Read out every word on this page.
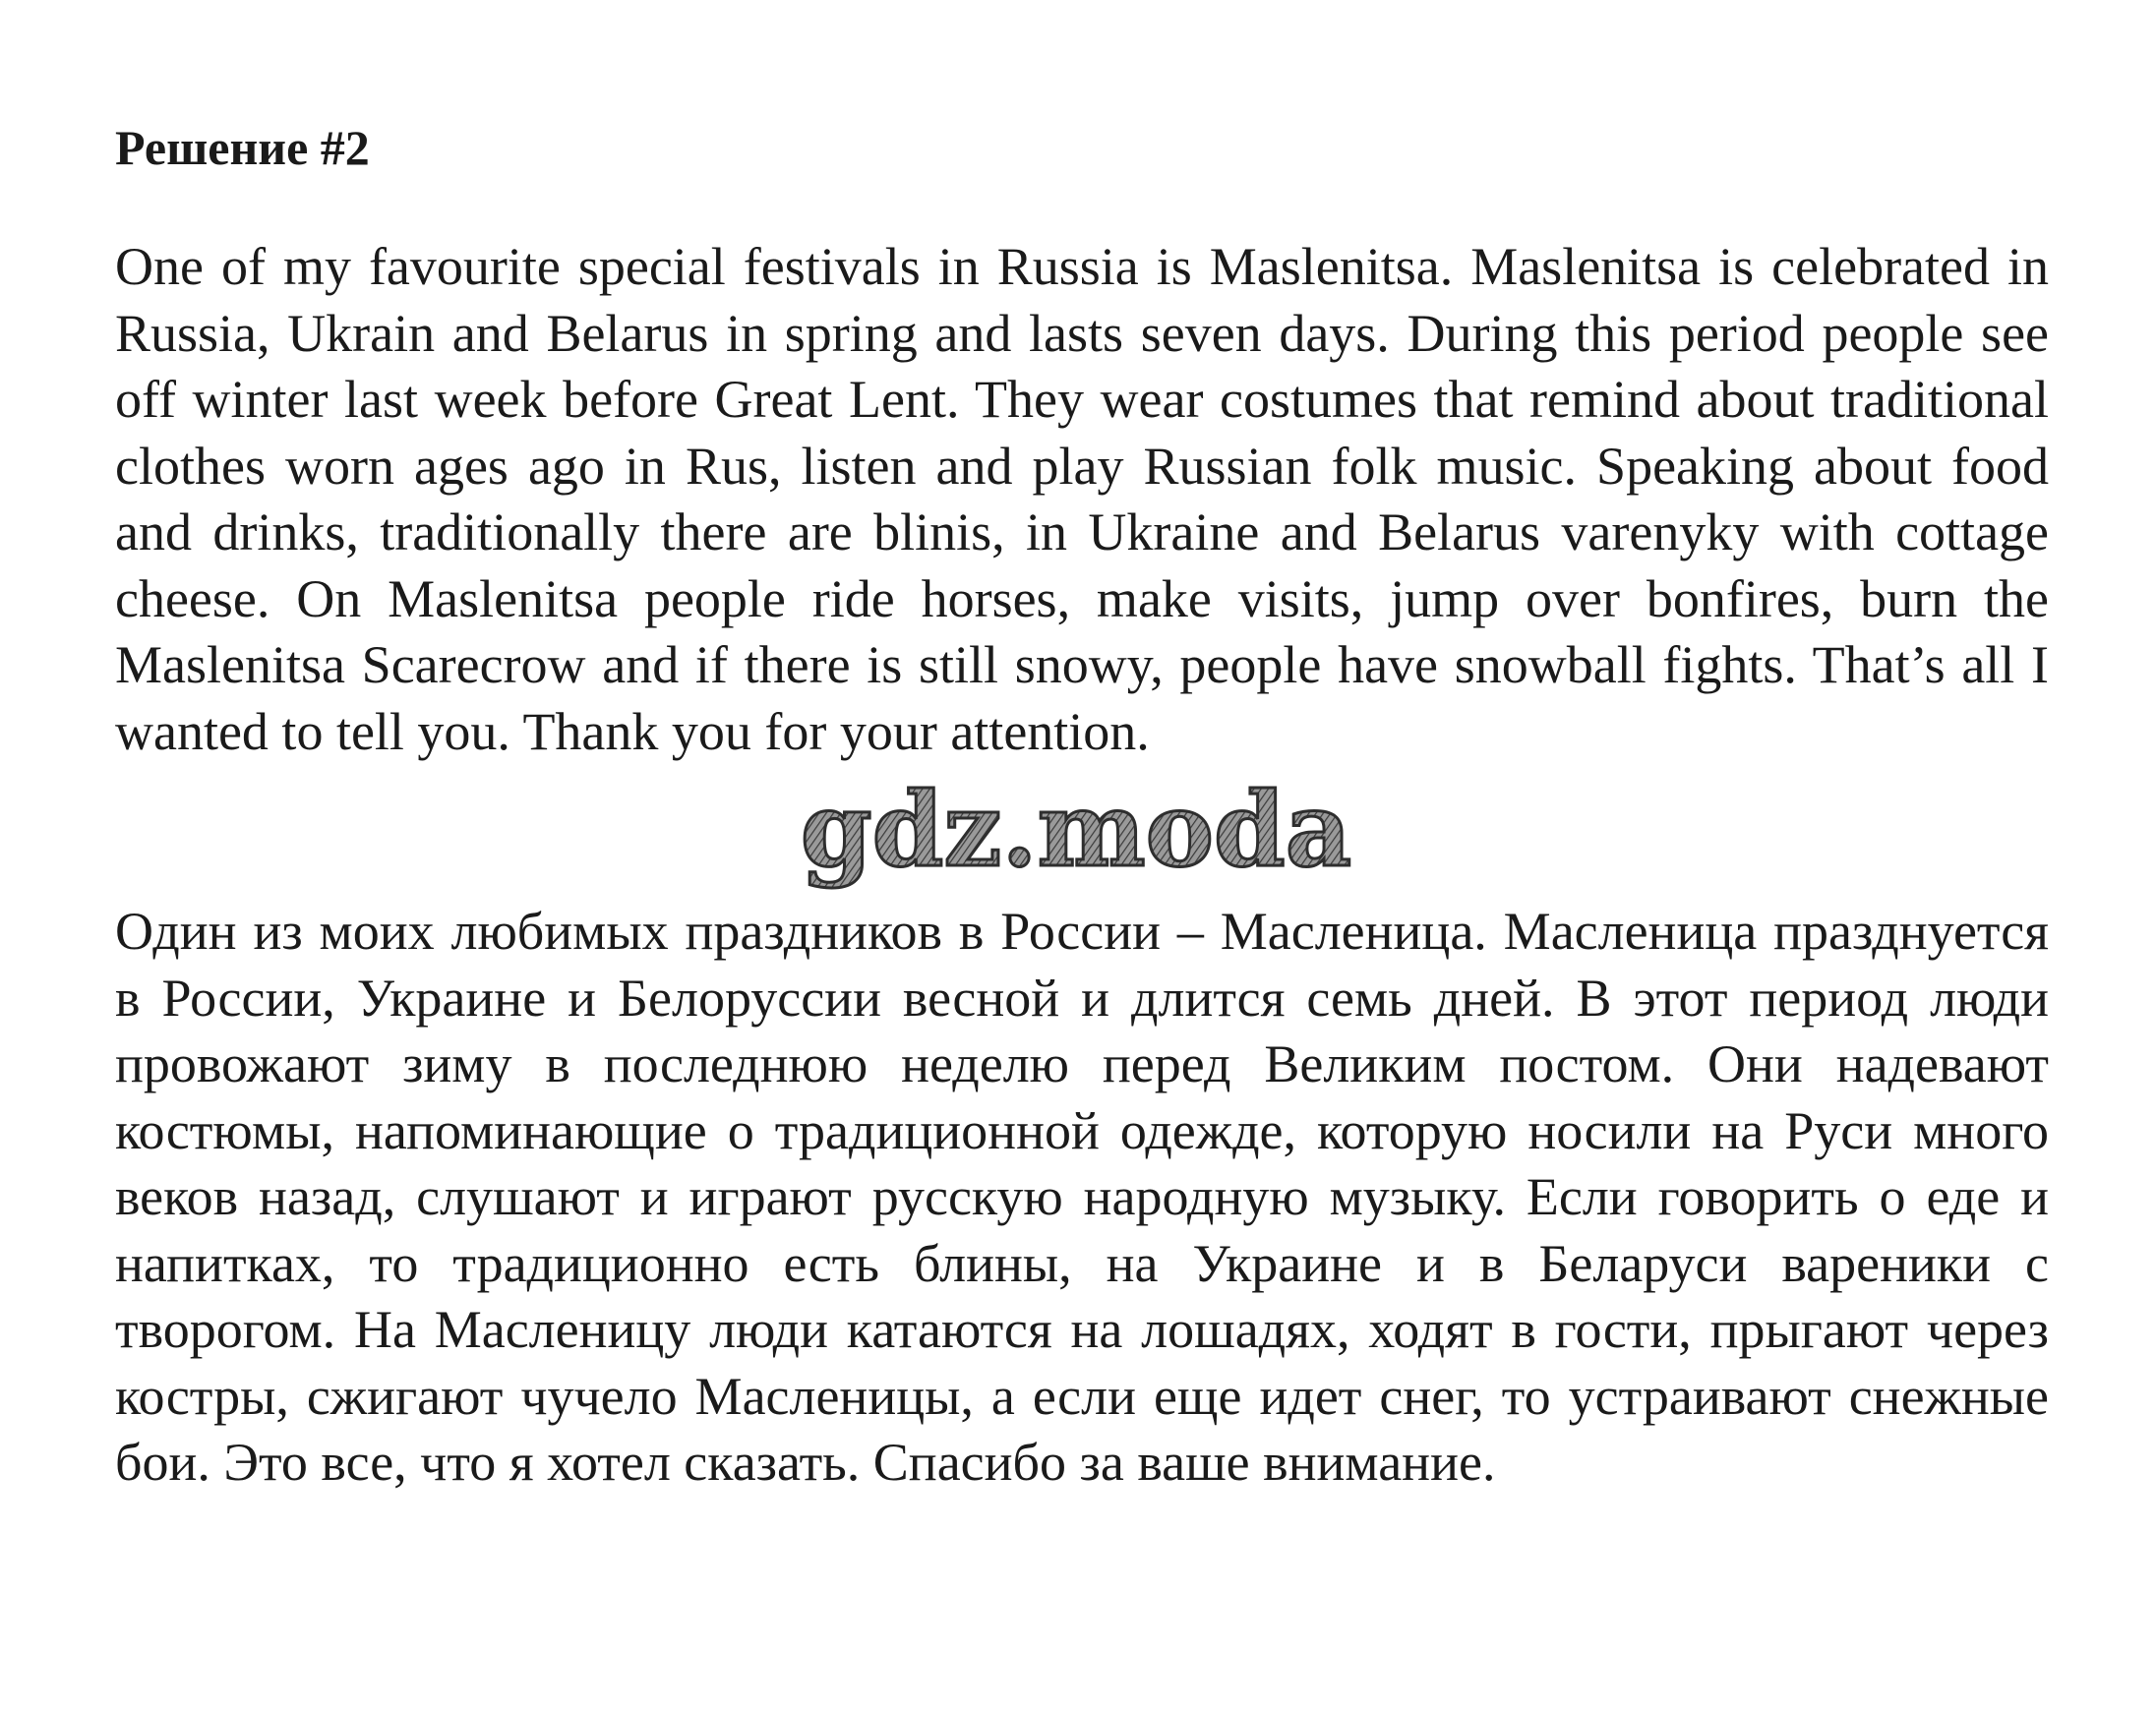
Решение #2

One of my favourite special festivals in Russia is Maslenitsa. Maslenitsa is celebrated in Russia, Ukrain and Belarus in spring and lasts seven days. During this period people see off winter last week before Great Lent. They wear costumes that remind about traditional clothes worn ages ago in Rus, listen and play Russian folk music. Speaking about food and drinks, traditionally there are blinis, in Ukraine and Belarus varenyky with cottage cheese. On Maslenitsa people ride horses, make visits, jump over bonfires, burn the Maslenitsa Scarecrow and if there is still snowy, people have snowball fights. That’s all I wanted to tell you. Thank you for your attention.

gdz.moda

Один из моих любимых праздников в России – Масленица. Масленица празднуется в России, Украине и Белоруссии весной и длится семь дней. В этот период люди провожают зиму в последнюю неделю перед Великим постом. Они надевают костюмы, напоминающие о традиционной одежде, которую носили на Руси много веков назад, слушают и играют русскую народную музыку. Если говорить о еде и напитках, то традиционно есть блины, на Украине и в Беларуси вареники с творогом. На Масленицу люди катаются на лошадях, ходят в гости, прыгают через костры, сжигают чучело Масленицы, а если еще идет снег, то устраивают снежные бои. Это все, что я хотел сказать. Спасибо за ваше внимание.
